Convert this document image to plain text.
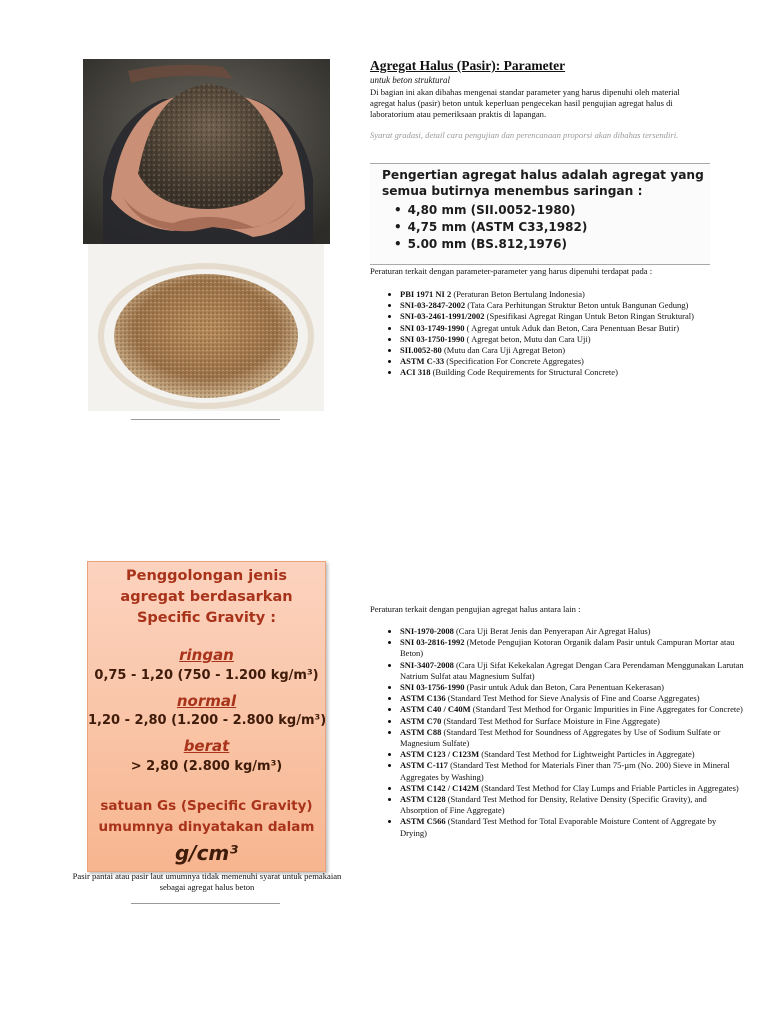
Agregat Halus (Pasir): Parameter
untuk beton struktural
Di bagian ini akan dibahas mengenai standar parameter yang harus dipenuhi oleh material agregat halus (pasir) beton untuk keperluan pengecekan hasil pengujian agregat halus di laboratorium atau pemeriksaan praktis di lapangan.
Syarat gradasi, detail cara pengujian dan perencanaan proporsi akan dibahas tersendiri.
Pengertian agregat halus adalah agregat yang semua butirnya menembus saringan :
• 4,80 mm (SII.0052-1980)
• 4,75 mm (ASTM C33,1982)
• 5.00 mm (BS.812,1976)
Peraturan terkait dengan parameter-parameter yang harus dipenuhi terdapat pada :
• PBI 1971 NI 2 (Peraturan Beton Bertulang Indonesia)
• SNI-03-2847-2002 (Tata Cara Perhitungan Struktur Beton untuk Bangunan Gedung)
• SNI-03-2461-1991/2002 (Spesifikasi Agregat Ringan Untuk Beton Ringan Struktural)
• SNI 03-1749-1990 ( Agregat untuk Aduk dan Beton, Cara Penentuan Besar Butir)
• SNI 03-1750-1990 ( Agregat beton, Mutu dan Cara Uji)
• SII.0052-80 (Mutu dan Cara Uji Agregat Beton)
• ASTM C-33 (Specification For Concrete Aggregates)
• ACI 318 (Building Code Requirements for Structural Concrete)
Peraturan terkait dengan pengujian agregat halus antara lain :
• SNI-1970-2008 (Cara Uji Berat Jenis dan Penyerapan Air Agregat Halus)
• SNI 03-2816-1992 (Metode Pengujian Kotoran Organik dalam Pasir untuk Campuran Mortar atau Beton)
• SNI-3407-2008 (Cara Uji Sifat Kekekalan Agregat Dengan Cara Perendaman Menggunakan Larutan Natrium Sulfat atau Magnesium Sulfat)
• SNI 03-1756-1990 (Pasir untuk Aduk dan Beton, Cara Penentuan Kekerasan)
• ASTM C136 (Standard Test Method for Sieve Analysis of Fine and Coarse Aggregates)
• ASTM C40 / C40M (Standard Test Method for Organic Impurities in Fine Aggregates for Concrete)
• ASTM C70 (Standard Test Method for Surface Moisture in Fine Aggregate)
• ASTM C88 (Standard Test Method for Soundness of Aggregates by Use of Sodium Sulfate or Magnesium Sulfate)
• ASTM C123 / C123M (Standard Test Method for Lightweight Particles in Aggregate)
• ASTM C-117 (Standard Test Method for Materials Finer than 75-µm (No. 200) Sieve in Mineral Aggregates by Washing)
• ASTM C142 / C142M (Standard Test Method for Clay Lumps and Friable Particles in Aggregates)
• ASTM C128 (Standard Test Method for Density, Relative Density (Specific Gravity), and Absorption of Fine Aggregate)
• ASTM C566 (Standard Test Method for Total Evaporable Moisture Content of Aggregate by Drying)
Penggolongan jenis
agregat berdasarkan
Specific Gravity :
ringan
0,75 - 1,20 (750 - 1.200 kg/m³)
normal
1,20 - 2,80 (1.200 - 2.800 kg/m³)
berat
> 2,80 (2.800 kg/m³)
satuan Gs (Specific Gravity)
umumnya dinyatakan dalam
g/cm³
Pasir pantai atau pasir laut umumnya tidak memenuhi syarat untuk pemakaian sebagai agregat halus beton
